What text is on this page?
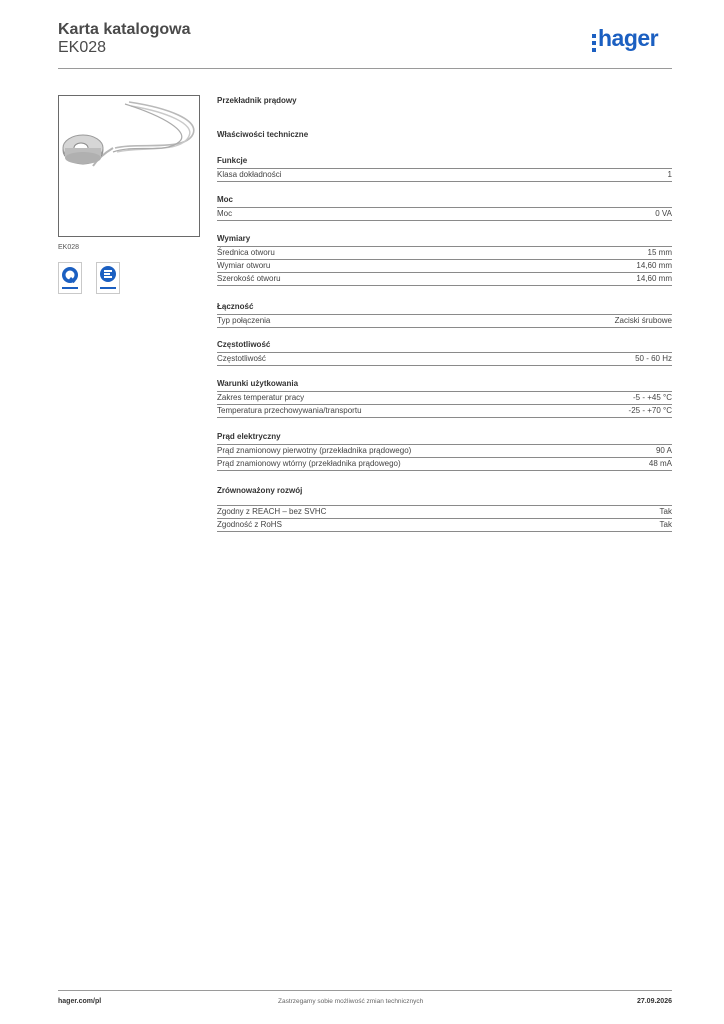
Karta katalogowa
EK028	hager
EK028
Przekładnik prądowy
Właściwości techniczne
Funkcje
Klasa dokładności	1
Moc
Moc	0 VA
Wymiary
Średnica otworu	15 mm
Wymiar otworu	14,60 mm
Szerokość otworu	14,60 mm
Łączność
Typ połączenia	Zaciski śrubowe
Częstotliwość
Częstotliwość	50 - 60 Hz
Warunki użytkowania
Zakres temperatur pracy	-5 - +45 °C
Temperatura przechowywania/transportu	-25 - +70 °C
Prąd elektryczny
Prąd znamionowy pierwotny (przekładnika prądowego)	90 A
Prąd znamionowy wtórny (przekładnika prądowego)	48 mA
Zrównoważony rozwój
Zgodny z REACH – bez SVHC	Tak
Zgodność z RoHS	Tak
hager.com/pl	Zastrzegamy sobie możliwość zmian technicznych	27.09.2026
